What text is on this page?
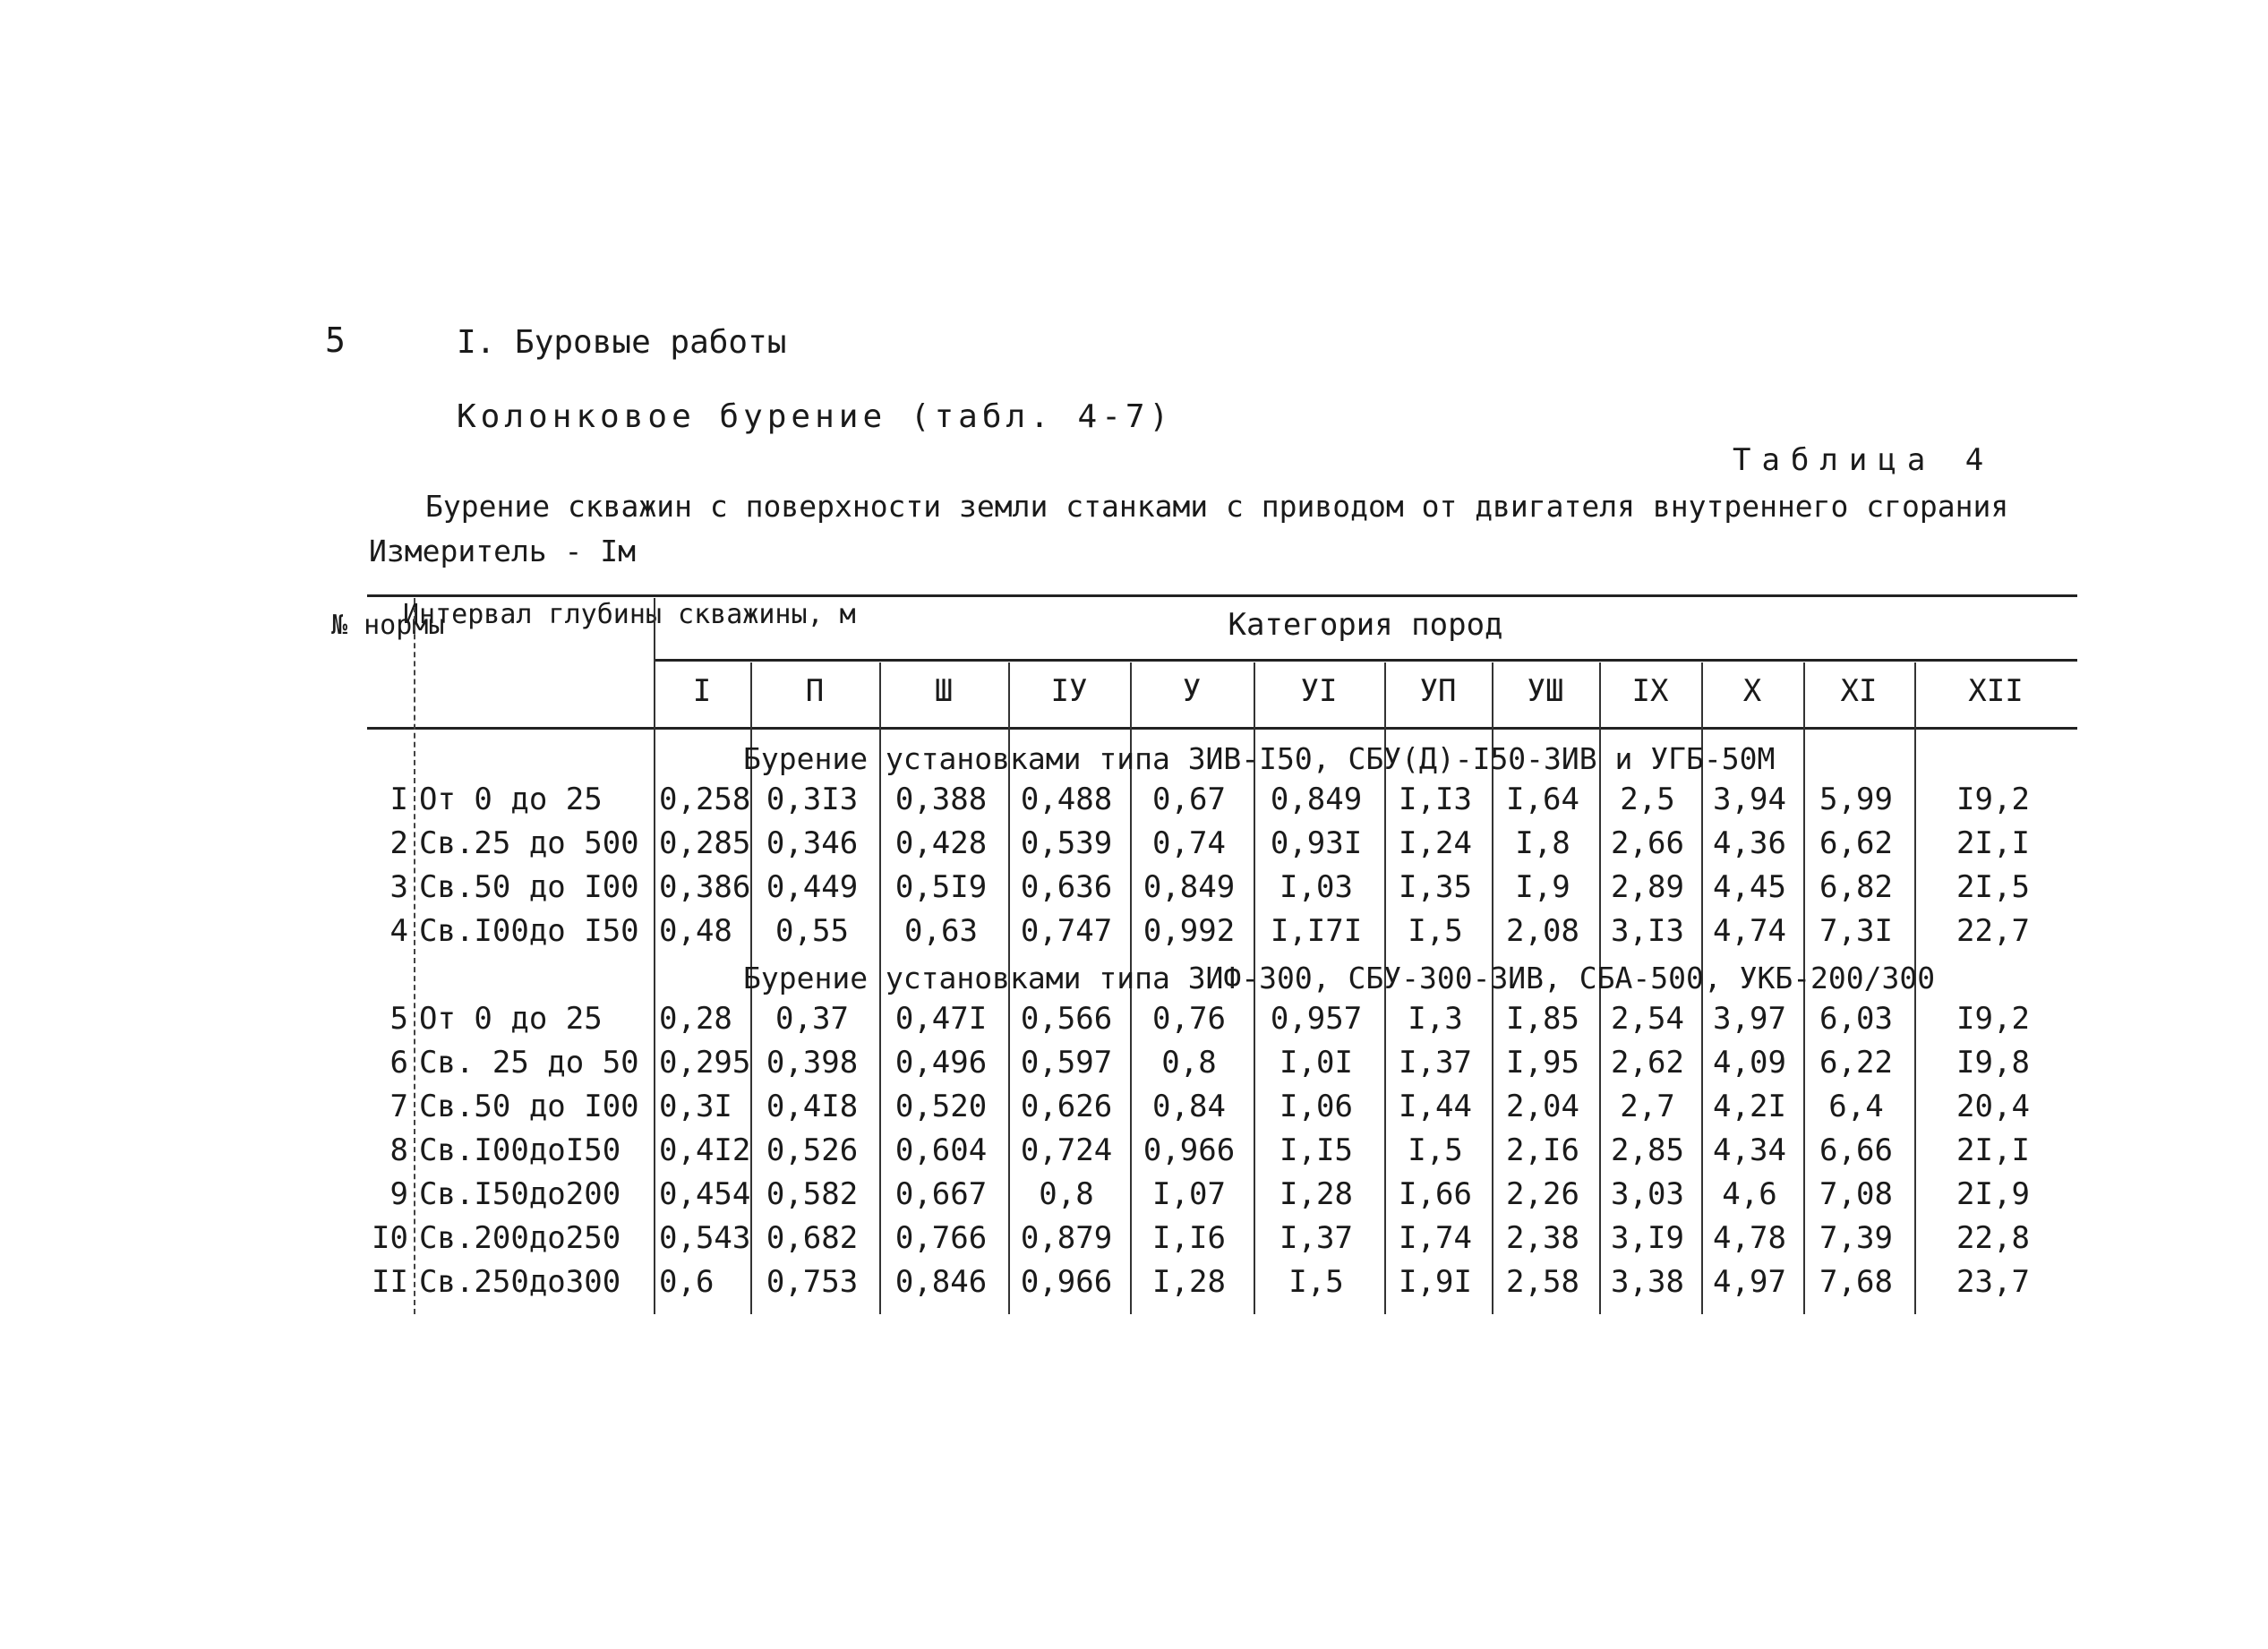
5	I. Буровые работы
Колонковое бурение (табл. 4-7)
Таблица 4
Бурение скважин с поверхности земли станками с приводом от двигателя внутреннего сгорания
Измеритель - Iм
№ нормы
Интервал глубины скважины, м	Категория пород
I	П	Ш	IУ	У	УI	УП	УШ	IX	X	XI	XII
Бурение установками типа ЗИВ-I50, СБУ(Д)-I50-ЗИВ и УГБ-50М
I От 0 до 25	0,258 0,3I3	0,388	0,488	0,67	0,849	I,I3	I,64	2,5	3,94	5,99	I9,2
2 Св.25 до 500 0,285 0,346	0,428	0,539	0,74	0,93I	I,24	I,8	2,66 4,36	6,62	2I,I
3 Св.50 до I00 0,386 0,449	0,5I9	0,636	0,849	I,03	I,35	I,9	2,89 4,45	6,82	2I,5
4 Св.I00до I50 0,48	0,55	0,63	0,747	0,992	I,I7I	I,5	2,08	3,I3 4,74	7,3I	22,7
Бурение установками типа ЗИФ-300, СБУ-300-ЗИВ, СБА-500, УКБ-200/300
5 От 0 до 25	0,28	0,37	0,47I	0,566	0,76	0,957	I,3	I,85	2,54 3,97	6,03	I9,2
6 Св. 25 до 50 0,295 0,398	0,496	0,597	0,8	I,0I	I,37	I,95	2,62 4,09	6,22	I9,8
7 Св.50 до I00 0,3I	0,4I8	0,520	0,626	0,84	I,06	I,44	2,04	2,7	4,2I	6,4	20,4
8 Св.I00доI50	0,4I2 0,526	0,604	0,724	0,966	I,I5	I,5	2,I6	2,85 4,34	6,66	2I,I
9 Св.I50до200	0,454 0,582	0,667	0,8	I,07	I,28	I,66	2,26	3,03	4,6	7,08	2I,9
I0 Св.200до250	0,543 0,682	0,766	0,879	I,I6	I,37	I,74	2,38	3,I9 4,78	7,39	22,8
II Св.250до300	0,6	0,753	0,846	0,966	I,28	I,5	I,9I	2,58	3,38 4,97	7,68	23,7
